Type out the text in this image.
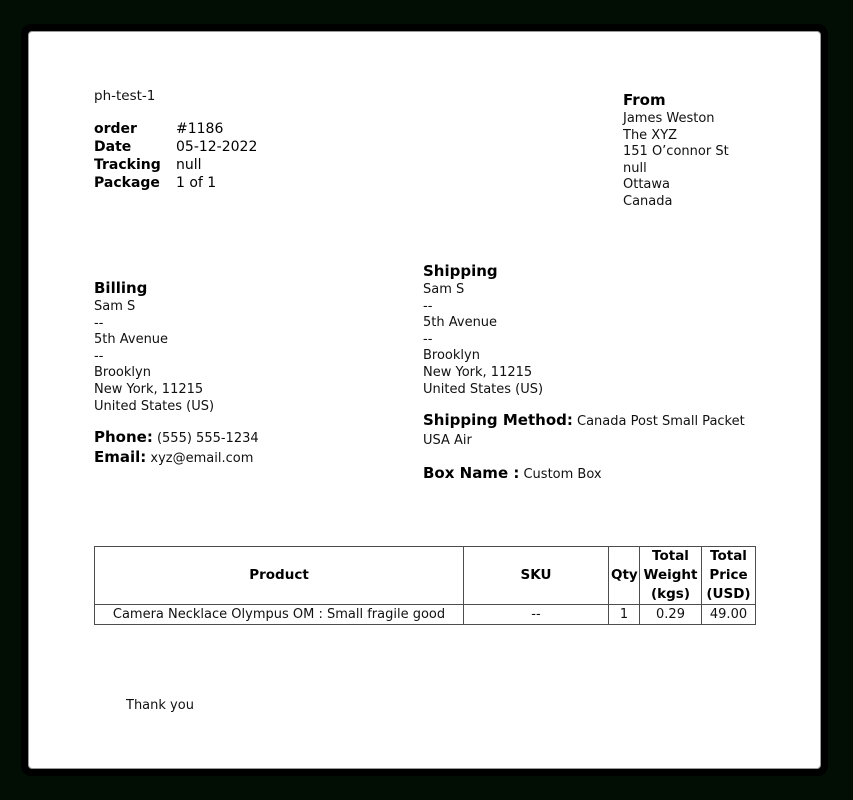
ph-test-1
order	#1186
Date	05-12-2022
Tracking null
Package 1 of 1
From
James Weston
The XYZ
151 O’connor St
null
Ottawa
Canada
Billing
Sam S
--
5th Avenue
--
Brooklyn
New York, 11215
United States (US)
Phone: (555) 555-1234
Email: xyz@email.com
Shipping
Sam S
--
5th Avenue
--
Brooklyn
New York, 11215
United States (US)
Shipping Method: Canada Post Small Packet USA Air
Box Name : Custom Box
Product	SKU	Qty	Total Weight (kgs)	Total Price (USD)
Camera Necklace Olympus OM : Small fragile good	--	1	0.29	49.00
Thank you
